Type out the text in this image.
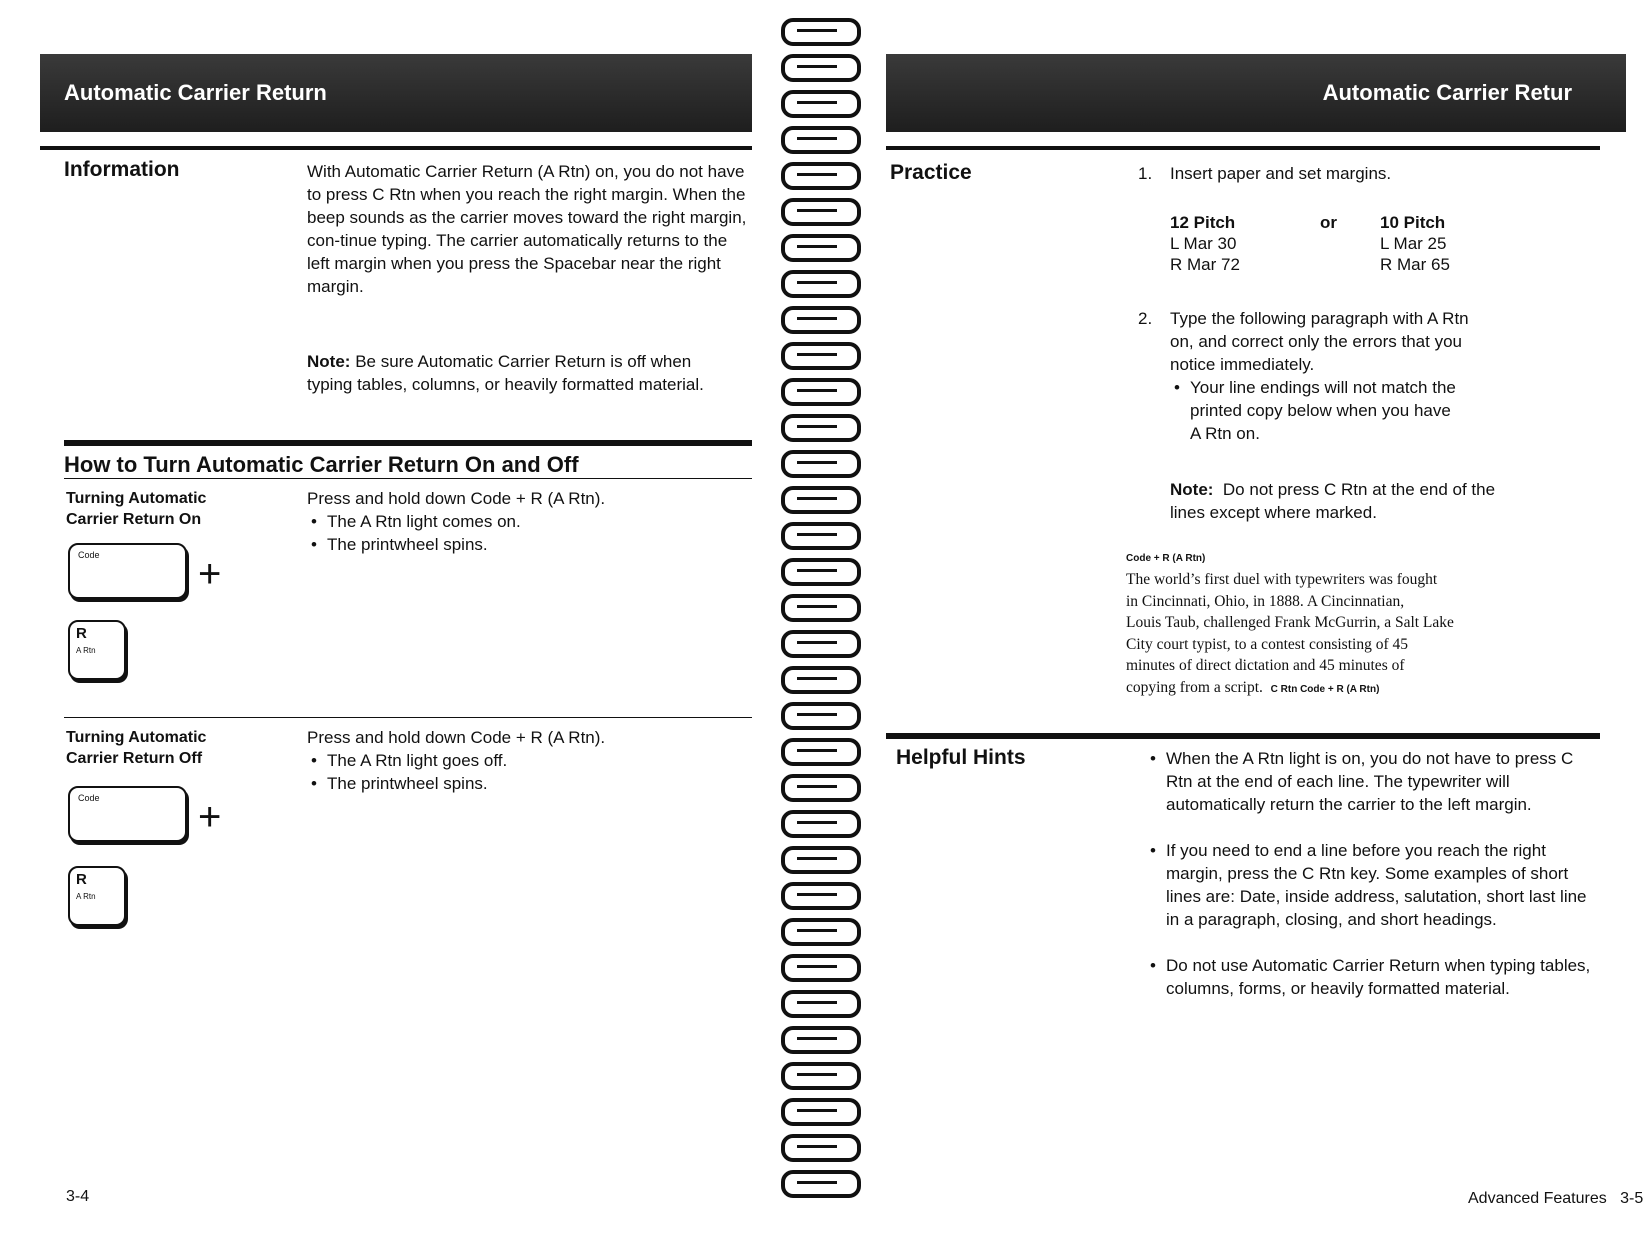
Automatic Carrier Return
Information	With Automatic Carrier Return (A Rtn) on, you do not have to press C Rtn when you reach the right margin. When the beep sounds as the carrier moves toward the right margin, con-tinue typing. The carrier automatically returns to the left margin when you press the Spacebar near the right margin.
Note: Be sure Automatic Carrier Return is off when typing tables, columns, or heavily formatted material.
How to Turn Automatic Carrier Return On and Off
Turning Automatic
Carrier Return On
Press and hold down Code + R (A Rtn).
• The A Rtn light comes on.
• The printwheel spins.
Code +
R
A Rtn
Turning Automatic
Carrier Return Off
Press and hold down Code + R (A Rtn).
• The A Rtn light goes off.
• The printwheel spins.
Code +
R
A Rtn
3-4
Automatic Carrier Retur
Practice	1. Insert paper and set margins.
12 Pitch	or	10 Pitch
L Mar 30		L Mar 25
R Mar 72		R Mar 65
2. Type the following paragraph with A Rtn
on, and correct only the errors that you
notice immediately.
• Your line endings will not match the
printed copy below when you have
A Rtn on.
Note: Do not press C Rtn at the end of the
lines except where marked.
Code + R (A Rtn)
The world’s first duel with typewriters was fought
in Cincinnati, Ohio, in 1888. A Cincinnatian,
Louis Taub, challenged Frank McGurrin, a Salt Lake
City court typist, to a contest consisting of 45
minutes of direct dictation and 45 minutes of
copying from a script. C Rtn Code + R (A Rtn)
Helpful Hints	• When the A Rtn light is on, you do not have to press C Rtn at the end of each line. The typewriter will automatically return the carrier to the left margin.
• If you need to end a line before you reach the right margin, press the C Rtn key. Some examples of short lines are: Date, inside address, salutation, short last line in a paragraph, closing, and short headings.
• Do not use Automatic Carrier Return when typing tables, columns, forms, or heavily formatted material.
Advanced Features 3-5
